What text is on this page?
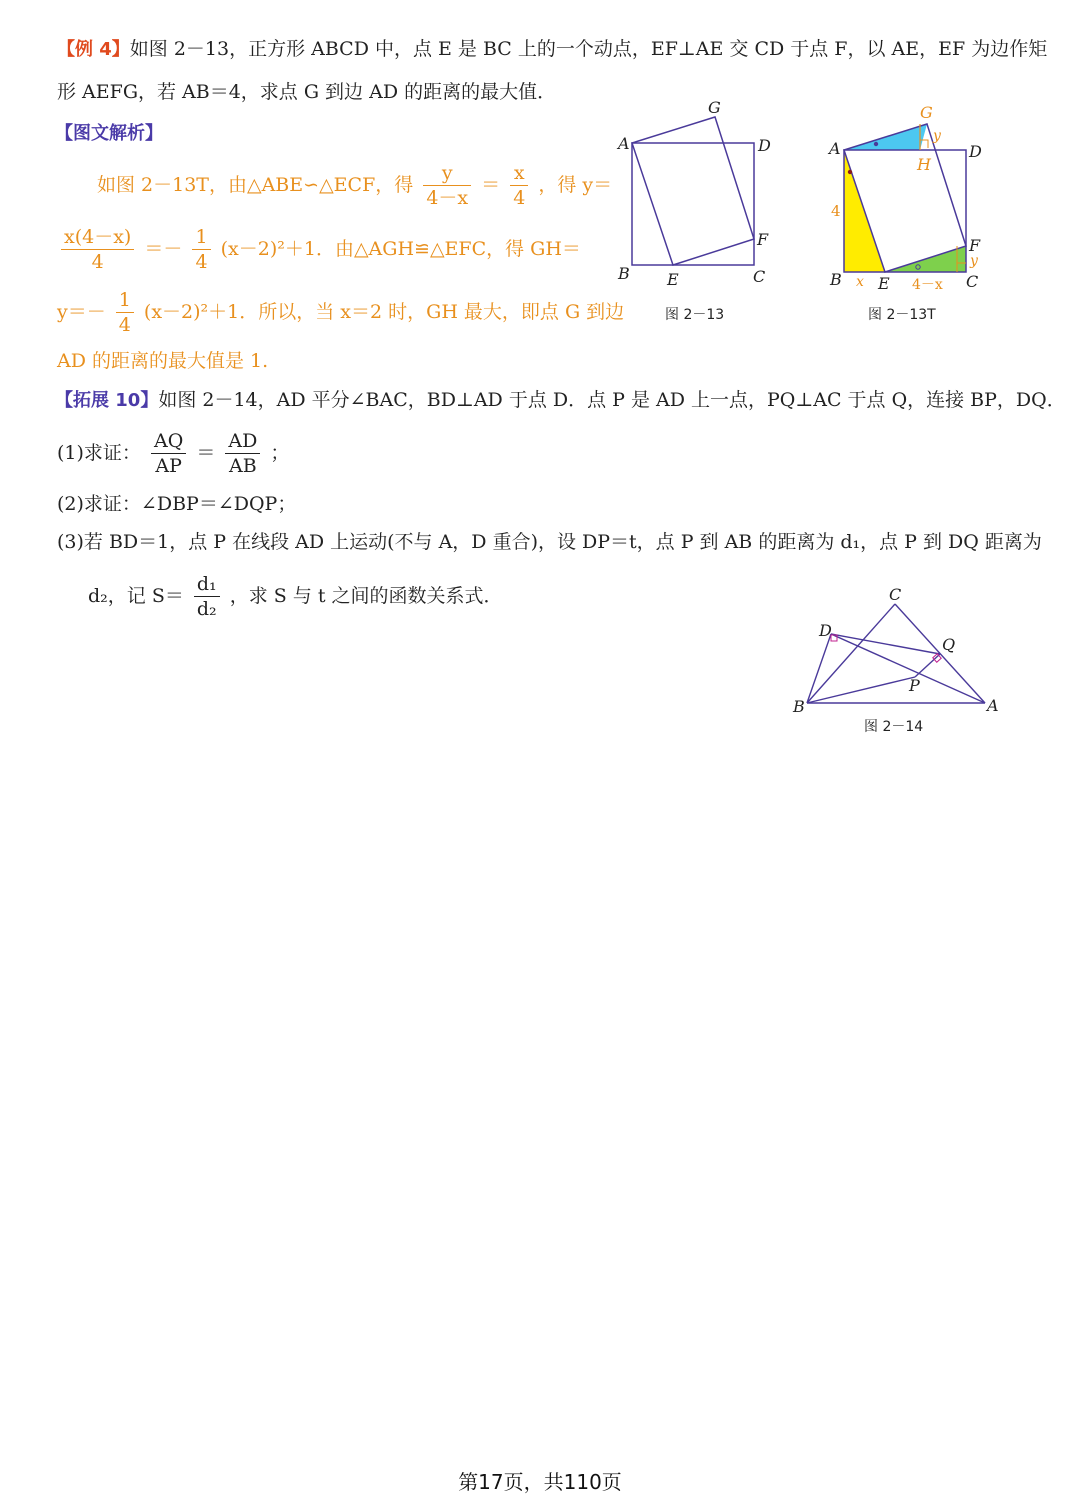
【例 4】如图 2－13，正方形 ABCD 中，点 E 是 BC 上的一个动点，EF⊥AE 交 CD 于点 F，以 AE，EF 为边作矩
形 AEFG，若 AB＝4，求点 G 到边 AD 的距离的最大值．
【图文解析】
如图 2－13T，由△ABE∽△ECF，得 $\frac{y}{4-x} = \frac{x}{4}$ ，得 y＝
$\frac{x(4-x)}{4} =- \frac{1}{4} (x-2)^2+1$．由△AGH≌△EFC，得 GH＝
$y=- \frac{1}{4} (x-2)^2+1$．所以，当 x＝2 时，GH 最大，即点 G 到边
AD 的距离的最大值是 1.
【拓展 10】如图 2－14，AD 平分∠BAC，BD⊥AD 于点 D．点 P 是 AD 上一点，PQ⊥AC 于点 Q，连接 BP，DQ．
(1)求证： $\frac{AQ}{AP} = \frac{AD}{AB}$ ；
(2)求证：∠DBP＝∠DQP；
(3)若 BD＝1，点 P 在线段 AD 上运动(不与 A，D 重合)，设 DP＝t，点 P 到 AB 的距离为 d₁，点 P 到 DQ 距离为
d₂，记 $S= \frac{\text{d₁}}{\text{d₂}}$ ，求 S 与 t 之间的函数关系式．
A	D
B	C
E
F
G
图 2－13
A	D
B	C
E
F
G
H
y
y
4
x	4－x
图 2－13T
C
D
Q
P
B	A
图 2－14
第17页，共110页
